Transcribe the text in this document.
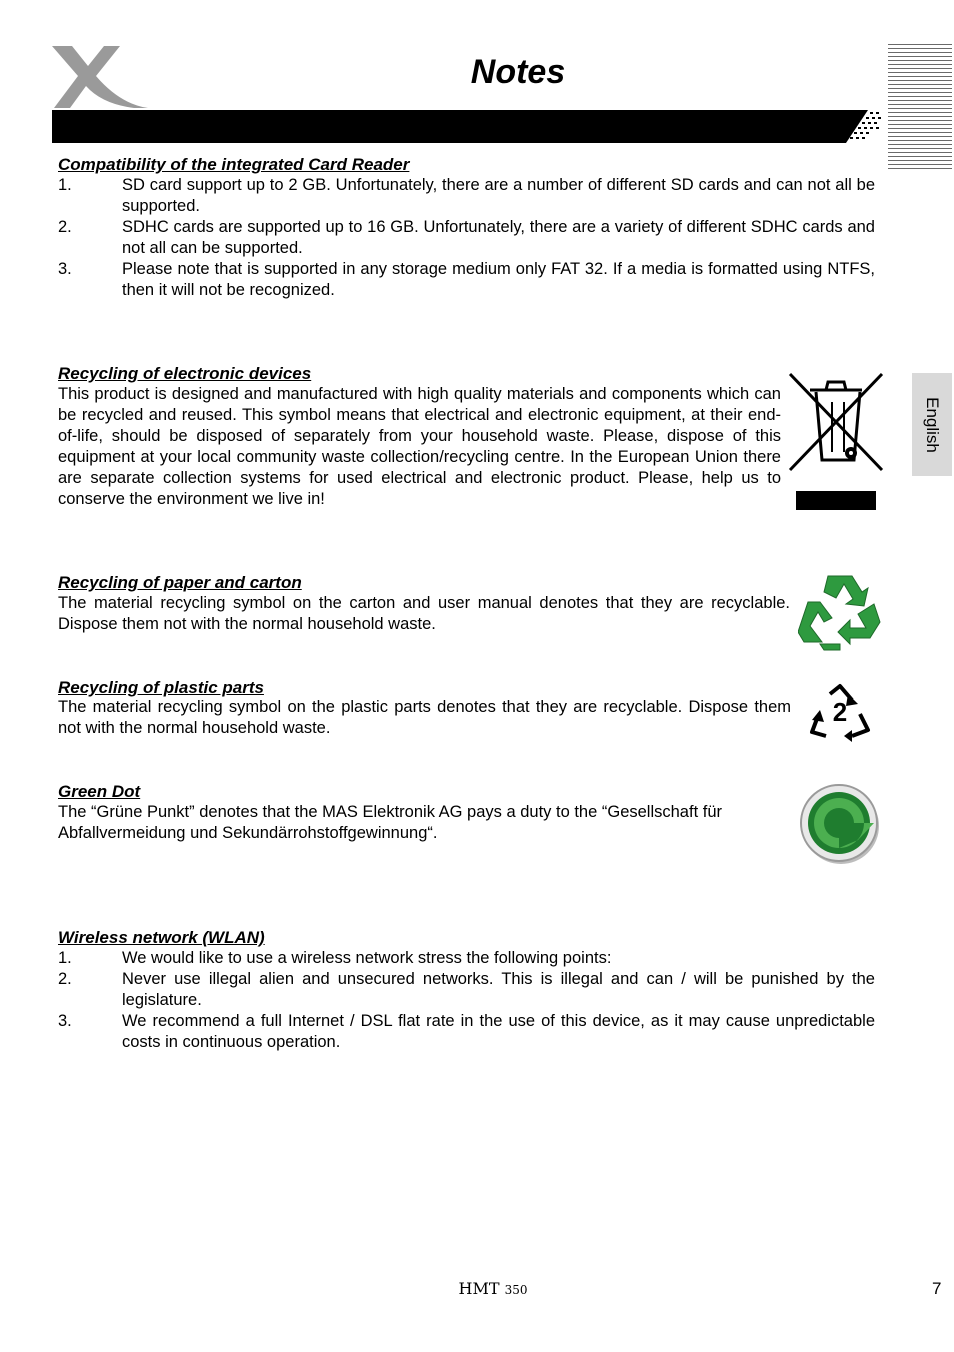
Notes
English
Compatibility of the integrated Card Reader
1.	SD card support up to 2 GB. Unfortunately, there are a number of different SD cards and can not all be supported.
2.	SDHC cards are supported up to 16 GB. Unfortunately, there are a variety of different SDHC cards and not all can be supported.
3.	Please note that is supported in any storage medium only FAT 32. If a media is formatted using NTFS, then it will not be recognized.
Recycling of electronic devices
This product is designed and manufactured with high quality materials and components which can be recycled and reused. This symbol means that electrical and electronic equipment, at their end-of-life, should be disposed of separately from your household waste. Please, dispose of this equipment at your local community waste collection/recycling centre. In the European Union there are separate collection systems for used electrical and electronic product. Please, help us to conserve the environment we live in!
Recycling of paper and carton
The material recycling symbol on the carton and user manual denotes that they are recyclable. Dispose them not with the normal household waste.
Recycling of plastic parts
The material recycling symbol on the plastic parts denotes that they are recyclable. Dispose them not with the normal household waste.
2
Green Dot
The “Grüne Punkt” denotes that the MAS Elektronik AG pays a duty to the “Gesellschaft für Abfallvermeidung und Sekundärrohstoffgewinnung“.
Wireless network (WLAN)
1.	We would like to use a wireless network stress the following points:
2.	Never use illegal alien and unsecured networks. This is illegal and can / will be punished by the legislature.
3.	We recommend a full Internet / DSL flat rate in the use of this device, as it may cause unpredictable costs in continuous operation.
HMT 350	7
